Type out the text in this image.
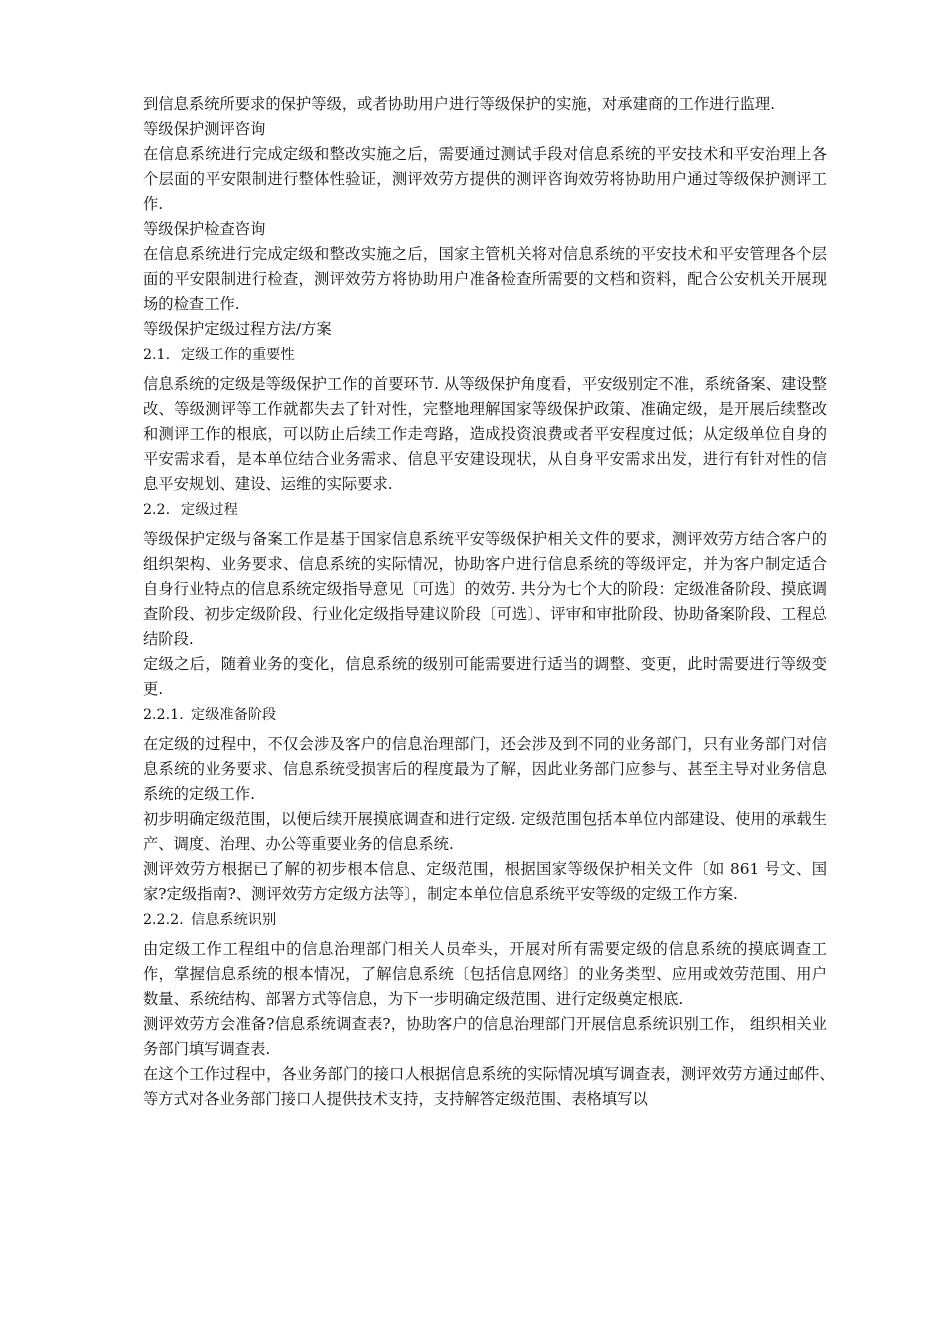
到信息系统所要求的保护等级，或者协助用户进行等级保护的实施，对承建商的工作进行监理.
等级保护测评咨询
在信息系统进行完成定级和整改实施之后，需要通过测试手段对信息系统的平安技术和平安治理上各个层面的平安限制进行整体性验证，测评效劳方提供的测评咨询效劳将协助用户通过等级保护测评工作.
等级保护检查咨询
在信息系统进行完成定级和整改实施之后，国家主管机关将对信息系统的平安技术和平安管理各个层面的平安限制进行检查，测评效劳方将协助用户准备检查所需要的文档和资料，配合公安机关开展现场的检查工作.
等级保护定级过程方法/方案
2.1. 定级工作的重要性
信息系统的定级是等级保护工作的首要环节. 从等级保护角度看，平安级别定不准，系统备案、建设整改、等级测评等工作就都失去了针对性，完整地理解国家等级保护政策、准确定级，是开展后续整改和测评工作的根底，可以防止后续工作走弯路，造成投资浪费或者平安程度过低；从定级单位自身的平安需求看，是本单位结合业务需求、信息平安建设现状，从自身平安需求出发，进行有针对性的信息平安规划、建设、运维的实际要求.
2.2. 定级过程
等级保护定级与备案工作是基于国家信息系统平安等级保护相关文件的要求，测评效劳方结合客户的组织架构、业务要求、信息系统的实际情况，协助客户进行信息系统的等级评定，并为客户制定适合自身行业特点的信息系统定级指导意见〔可选〕的效劳. 共分为七个大的阶段：定级准备阶段、摸底调查阶段、初步定级阶段、行业化定级指导建议阶段〔可选〕、评审和审批阶段、协助备案阶段、工程总结阶段.
定级之后，随着业务的变化，信息系统的级别可能需要进行适当的调整、变更，此时需要进行等级变更.
2.2.1. 定级准备阶段
在定级的过程中，不仅会涉及客户的信息治理部门，还会涉及到不同的业务部门，只有业务部门对信息系统的业务要求、信息系统受损害后的程度最为了解，因此业务部门应参与、甚至主导对业务信息系统的定级工作.
初步明确定级范围，以便后续开展摸底调查和进行定级. 定级范围包括本单位内部建设、使用的承载生产、调度、治理、办公等重要业务的信息系统.
测评效劳方根据已了解的初步根本信息、定级范围，根据国家等级保护相关文件〔如 861 号文、国家?定级指南?、测评效劳方定级方法等〕，制定本单位信息系统平安等级的定级工作方案.
2.2.2. 信息系统识别
由定级工作工程组中的信息治理部门相关人员牵头，开展对所有需要定级的信息系统的摸底调查工作，掌握信息系统的根本情况，了解信息系统〔包括信息网络〕的业务类型、应用或效劳范围、用户数量、系统结构、部署方式等信息，为下一步明确定级范围、进行定级奠定根底.
测评效劳方会准备?信息系统调查表?，协助客户的信息治理部门开展信息系统识别工作， 组织相关业务部门填写调查表.
在这个工作过程中，各业务部门的接口人根据信息系统的实际情况填写调查表，测评效劳方通过邮件、　　等方式对各业务部门接口人提供技术支持，支持解答定级范围、表格填写以
